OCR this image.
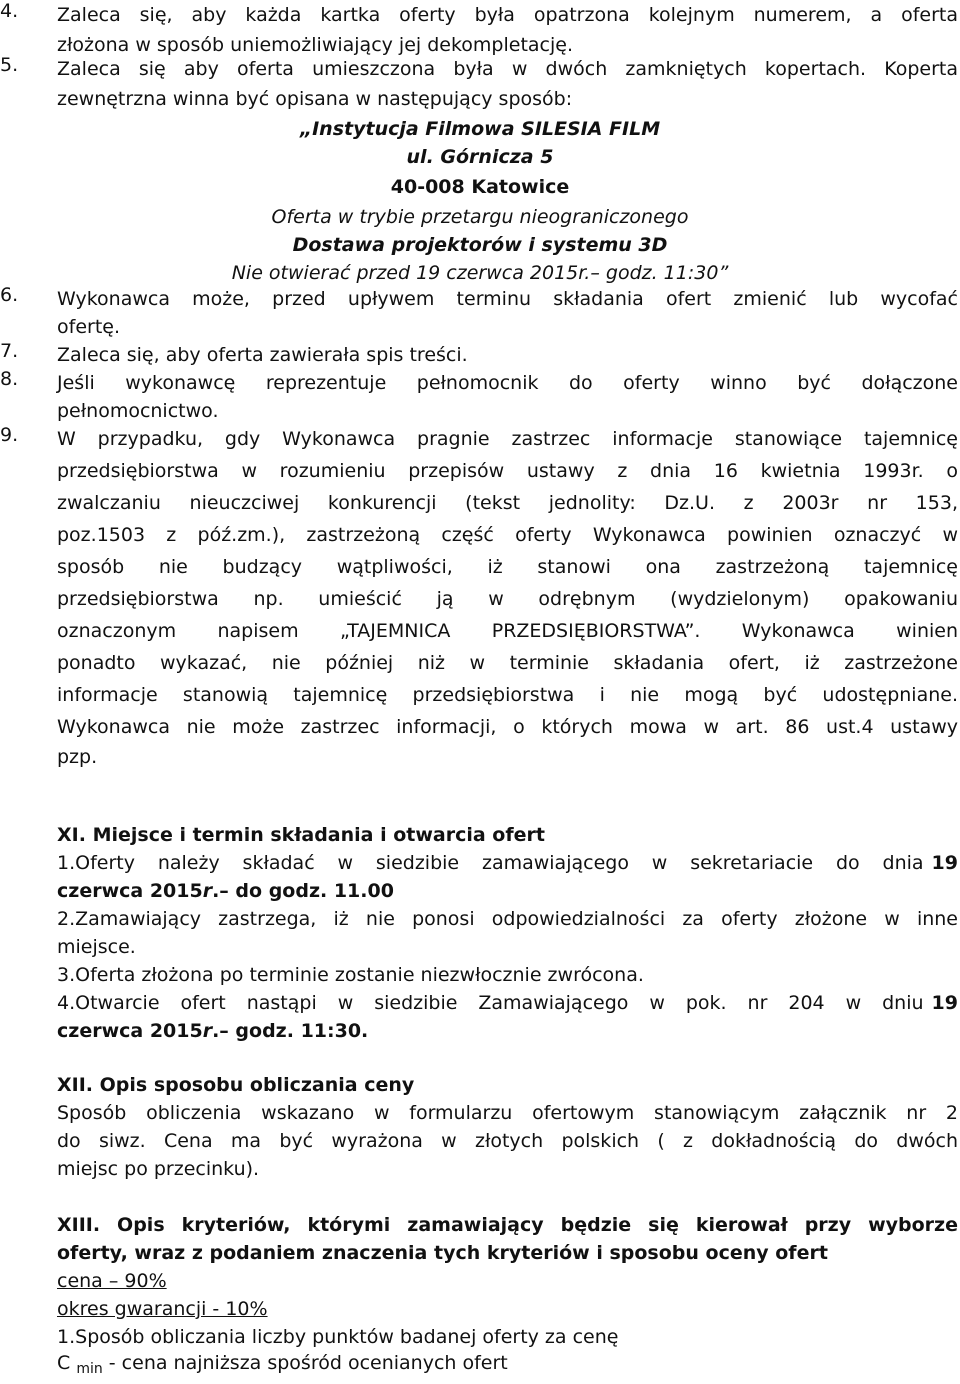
4.	Zaleca się, aby każda kartka oferty była opatrzona kolejnym numerem, a oferta
złożona w sposób uniemożliwiający jej dekompletację.
5.	Zaleca się aby oferta umieszczona była w dwóch zamkniętych kopertach. Koperta
zewnętrzna winna być opisana w następujący sposób:
„Instytucja Filmowa SILESIA FILM
ul. Górnicza 5
40-008 Katowice
Oferta w trybie przetargu nieograniczonego
Dostawa projektorów i systemu 3D
Nie otwierać przed 19 czerwca 2015r.– godz. 11:30”
6.	Wykonawca może, przed upływem terminu składania ofert zmienić lub wycofać
ofertę.
7.	Zaleca się, aby oferta zawierała spis treści.
8.	Jeśli wykonawcę reprezentuje pełnomocnik do oferty winno być dołączone
pełnomocnictwo.
9.	W przypadku, gdy Wykonawca pragnie zastrzec informacje stanowiące tajemnicę
przedsiębiorstwa w rozumieniu przepisów ustawy z dnia 16 kwietnia 1993r. o
zwalczaniu nieuczciwej konkurencji (tekst jednolity: Dz.U. z 2003r nr 153,
poz.1503 z póź.zm.), zastrzeżoną część oferty Wykonawca powinien oznaczyć w
sposób nie budzący wątpliwości, iż stanowi ona zastrzeżoną tajemnicę
przedsiębiorstwa np. umieścić ją w odrębnym (wydzielonym) opakowaniu
oznaczonym napisem „TAJEMNICA PRZEDSIĘBIORSTWA”. Wykonawca winien
ponadto wykazać, nie później niż w terminie składania ofert, iż zastrzeżone
informacje stanowią tajemnicę przedsiębiorstwa i nie mogą być udostępniane.
Wykonawca nie może zastrzec informacji, o których mowa w art. 86 ust.4 ustawy
pzp.
XI. Miejsce i termin składania i otwarcia ofert
1.Oferty należy składać w siedzibie zamawiającego w sekretariacie do dnia 19
czerwca 2015r.– do godz. 11.00
2.Zamawiający zastrzega, iż nie ponosi odpowiedzialności za oferty złożone w inne
miejsce.
3.Oferta złożona po terminie zostanie niezwłocznie zwrócona.
4.Otwarcie ofert nastąpi w siedzibie Zamawiającego w pok. nr 204 w dniu 19
czerwca 2015r.– godz. 11:30.
XII. Opis sposobu obliczania ceny
Sposób obliczenia wskazano w formularzu ofertowym stanowiącym załącznik nr 2
do siwz. Cena ma być wyrażona w złotych polskich ( z dokładnością do dwóch
miejsc po przecinku).
XIII. Opis kryteriów, którymi zamawiający będzie się kierował przy wyborze
oferty, wraz z podaniem znaczenia tych kryteriów i sposobu oceny ofert
cena – 90%
okres gwarancji - 10%
1.Sposób obliczania liczby punktów badanej oferty za cenę
C $_{min}$ - cena najniższa spośród ocenianych ofert
